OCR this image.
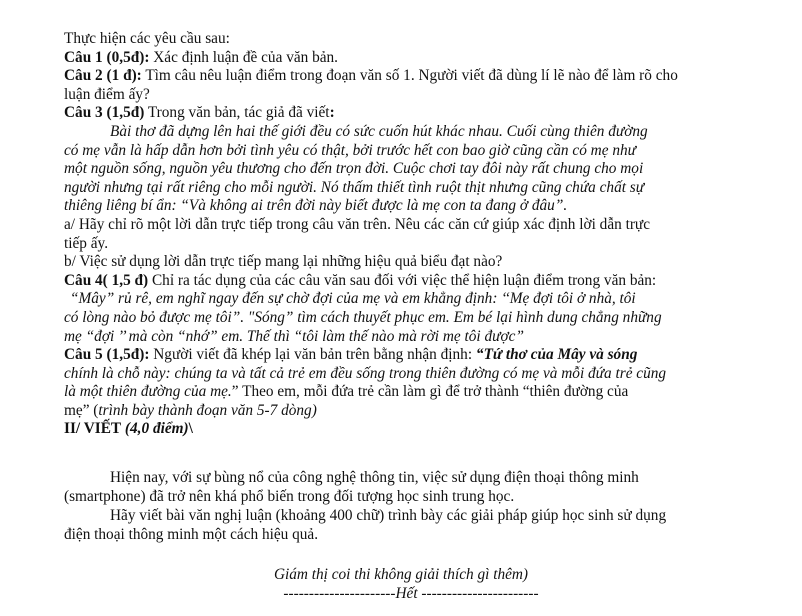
Thực hiện các yêu cầu sau:
Câu 1 (0,5đ): Xác định luận đề của văn bản.
Câu 2 (1 đ): Tìm câu nêu luận điểm trong đoạn văn số 1. Người viết đã dùng lí lẽ nào để làm rõ cho
luận điểm ấy?
Câu 3 (1,5đ) Trong văn bản, tác giả đã viết:
Bài thơ đã dựng lên hai thế giới đều có sức cuốn hút khác nhau. Cuối cùng thiên đường
có mẹ vẫn là hấp dẫn hơn bởi tình yêu có thật, bởi trước hết con bao giờ cũng cần có mẹ như
một nguồn sống, nguồn yêu thương cho đến trọn đời. Cuộc chơi tay đôi này rất chung cho mọi
người nhưng tại rất riêng cho mỗi người. Nó thấm thiết tình ruột thịt nhưng cũng chứa chất sự
thiêng liêng bí ẩn: “Và không ai trên đời này biết được là mẹ con ta đang ở đâu”.
a/ Hãy chỉ rõ một lời dẫn trực tiếp trong câu văn trên. Nêu các căn cứ giúp xác định lời dẫn trực
tiếp ấy.
b/ Việc sử dụng lời dẫn trực tiếp mang lại những hiệu quả biểu đạt nào?
Câu 4( 1,5 đ) Chỉ ra tác dụng của các câu văn sau đối với việc thể hiện luận điểm trong văn bản:
“Mây” rủ rê, em nghĩ ngay đến sự chờ đợi của mẹ và em khẳng định: ‘‘Mẹ đợi tôi ở nhà, tôi
có lòng nào bỏ được mẹ tôi”. "Sóng” tìm cách thuyết phục em. Em bé lại hình dung chẳng những
mẹ “đợi ’’ mà còn “nhớ” em. Thế thì “tôi làm thế nào mà rời mẹ tôi được”
Câu 5 (1,5đ): Người viết đã khép lại văn bản trên bằng nhận định: “Tứ thơ của Mây và sóng
chính là chỗ này: chúng ta và tất cả trẻ em đều sống trong thiên đường có mẹ và mỗi đứa trẻ cũng
là một thiên đường của mẹ.” Theo em, mỗi đứa trẻ cần làm gì để trở thành “thiên đường của
mẹ” (trình bày thành đoạn văn 5-7 dòng)
II/ VIẾT (4,0 điểm)\
Hiện nay, với sự bùng nổ của công nghệ thông tin, việc sử dụng điện thoại thông minh
(smartphone) đã trở nên khá phổ biến trong đối tượng học sinh trung học.
Hãy viết bài văn nghị luận (khoảng 400 chữ) trình bày các giải pháp giúp học sinh sử dụng
điện thoại thông minh một cách hiệu quả.
Giám thị coi thi không giải thích gì thêm)
----------------------Hết -----------------------
